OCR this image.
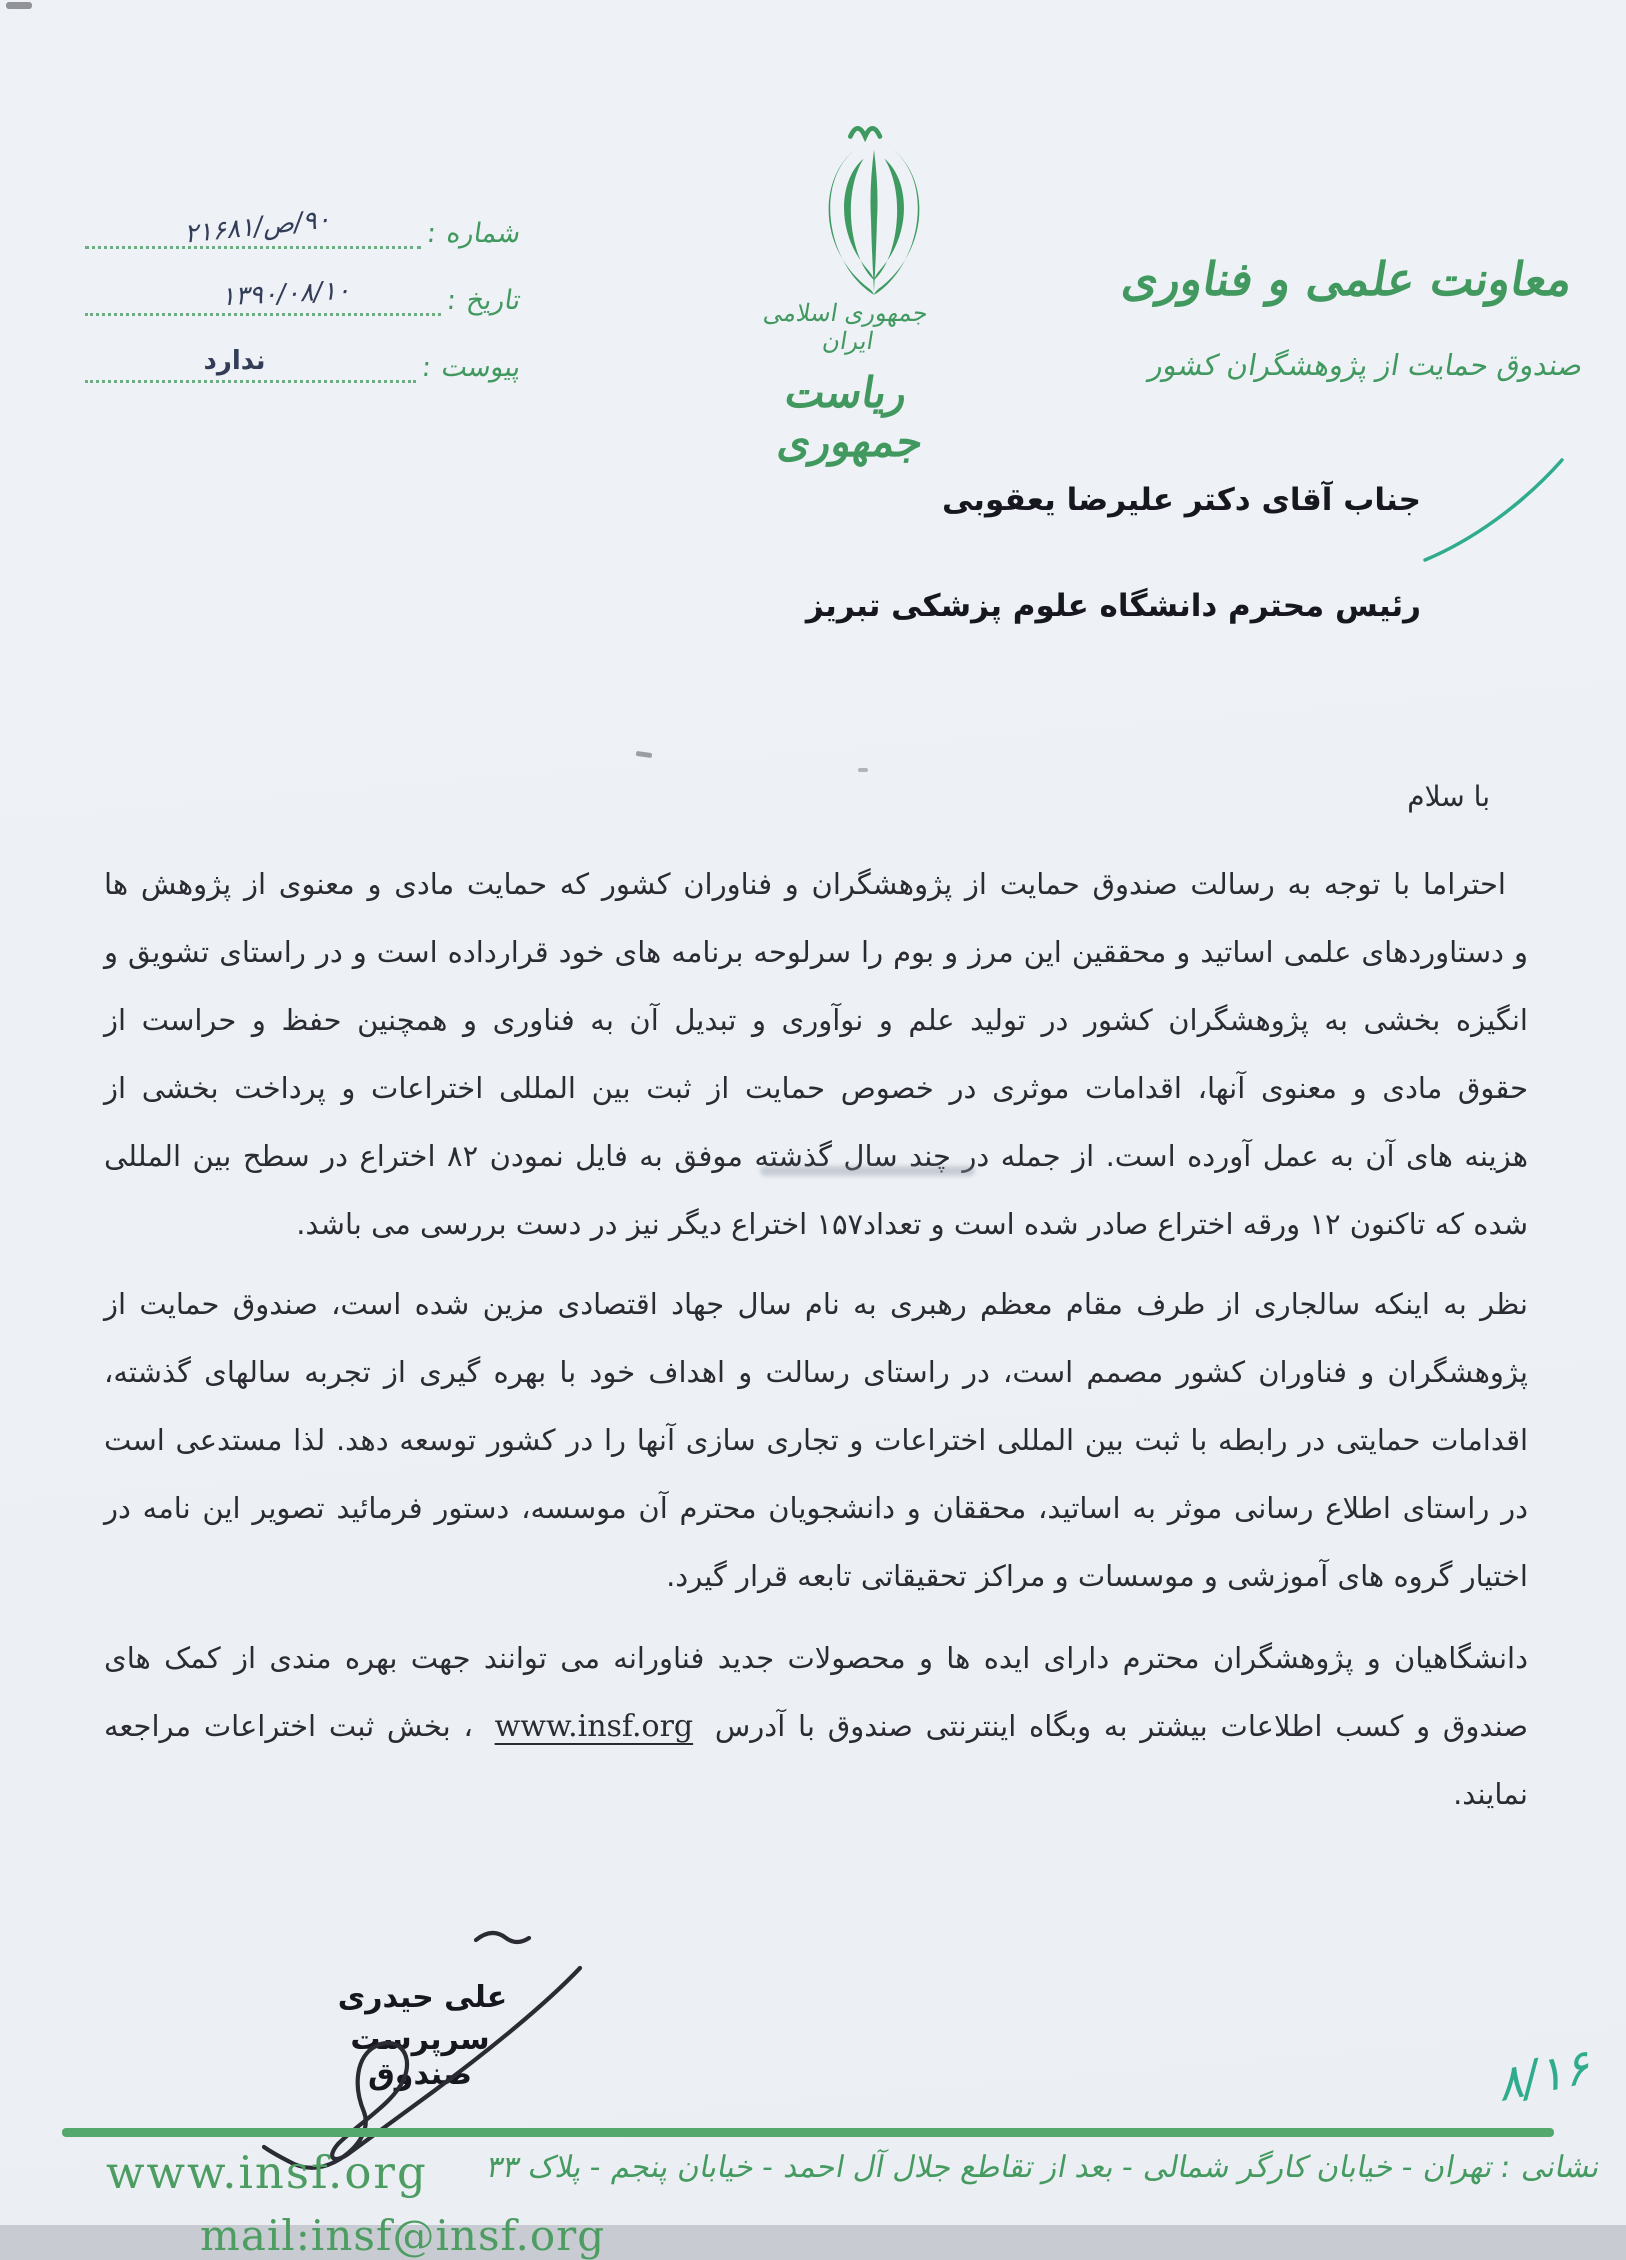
شماره :
۹۰/ص/۲۱۶۸۱
تاریخ :
۱۳۹۰/۰۸/۱۰
پیوست :
ندارد
جمهوری اسلامی ایران
ریاست جمهوری
معاونت علمی و فناوری
صندوق حمایت از پژوهشگران کشور
جناب آقای دکتر علیرضا یعقوبی
رئیس محترم دانشگاه علوم پزشکی تبریز
با سلام
احتراما با توجه به رسالت صندوق حمایت از پژوهشگران و فناوران کشور که حمایت مادی و معنوی از پژوهش ها
و دستاوردهای علمی اساتید و محققین این مرز و بوم را سرلوحه برنامه های خود قرارداده است و در راستای تشویق و
انگیزه بخشی به پژوهشگران کشور در تولید علم و نوآوری و تبدیل آن به فناوری و همچنین حفظ و حراست از
حقوق مادی و معنوی آنها، اقدامات موثری در خصوص حمایت از ثبت بین المللی اختراعات و پرداخت بخشی از
هزینه های آن به عمل آورده است. از جمله در چند سال گذشته موفق به فایل نمودن ۸۲ اختراع در سطح بین المللی
شده که تاکنون ۱۲ ورقه اختراع صادر شده است و تعداد۱۵۷ اختراع دیگر نیز در دست بررسی می باشد.
نظر به اینکه سالجاری از طرف مقام معظم رهبری به نام سال جهاد اقتصادی مزین شده است، صندوق حمایت از
پژوهشگران و فناوران کشور مصمم است، در راستای رسالت و اهداف خود با بهره گیری از تجربه سالهای گذشته،
اقدامات حمایتی در رابطه با ثبت بین المللی اختراعات و تجاری سازی آنها را در کشور توسعه دهد. لذا مستدعی است
در راستای اطلاع رسانی موثر به اساتید، محققان و دانشجویان محترم آن موسسه، دستور فرمائید تصویر این نامه در
اختیار گروه های آموزشی و موسسات و مراکز تحقیقاتی تابعه قرار گیرد.
دانشگاهیان و پژوهشگران محترم دارای ایده ها و محصولات جدید فناورانه می توانند جهت بهره مندی از کمک های
صندوق و کسب اطلاعات بیشتر به وبگاه اینترنتی صندوق با آدرس www.insf.org ، بخش ثبت اختراعات مراجعه
نمایند.
علی حیدری
سرپرست صندوق	۸/۱۶
www.insf.org نشانی : تهران - خیابان کارگر شمالی - بعد از تقاطع جلال آل احمد - خیابان پنجم - پلاک ۳۳
mail:insf@insf.org
